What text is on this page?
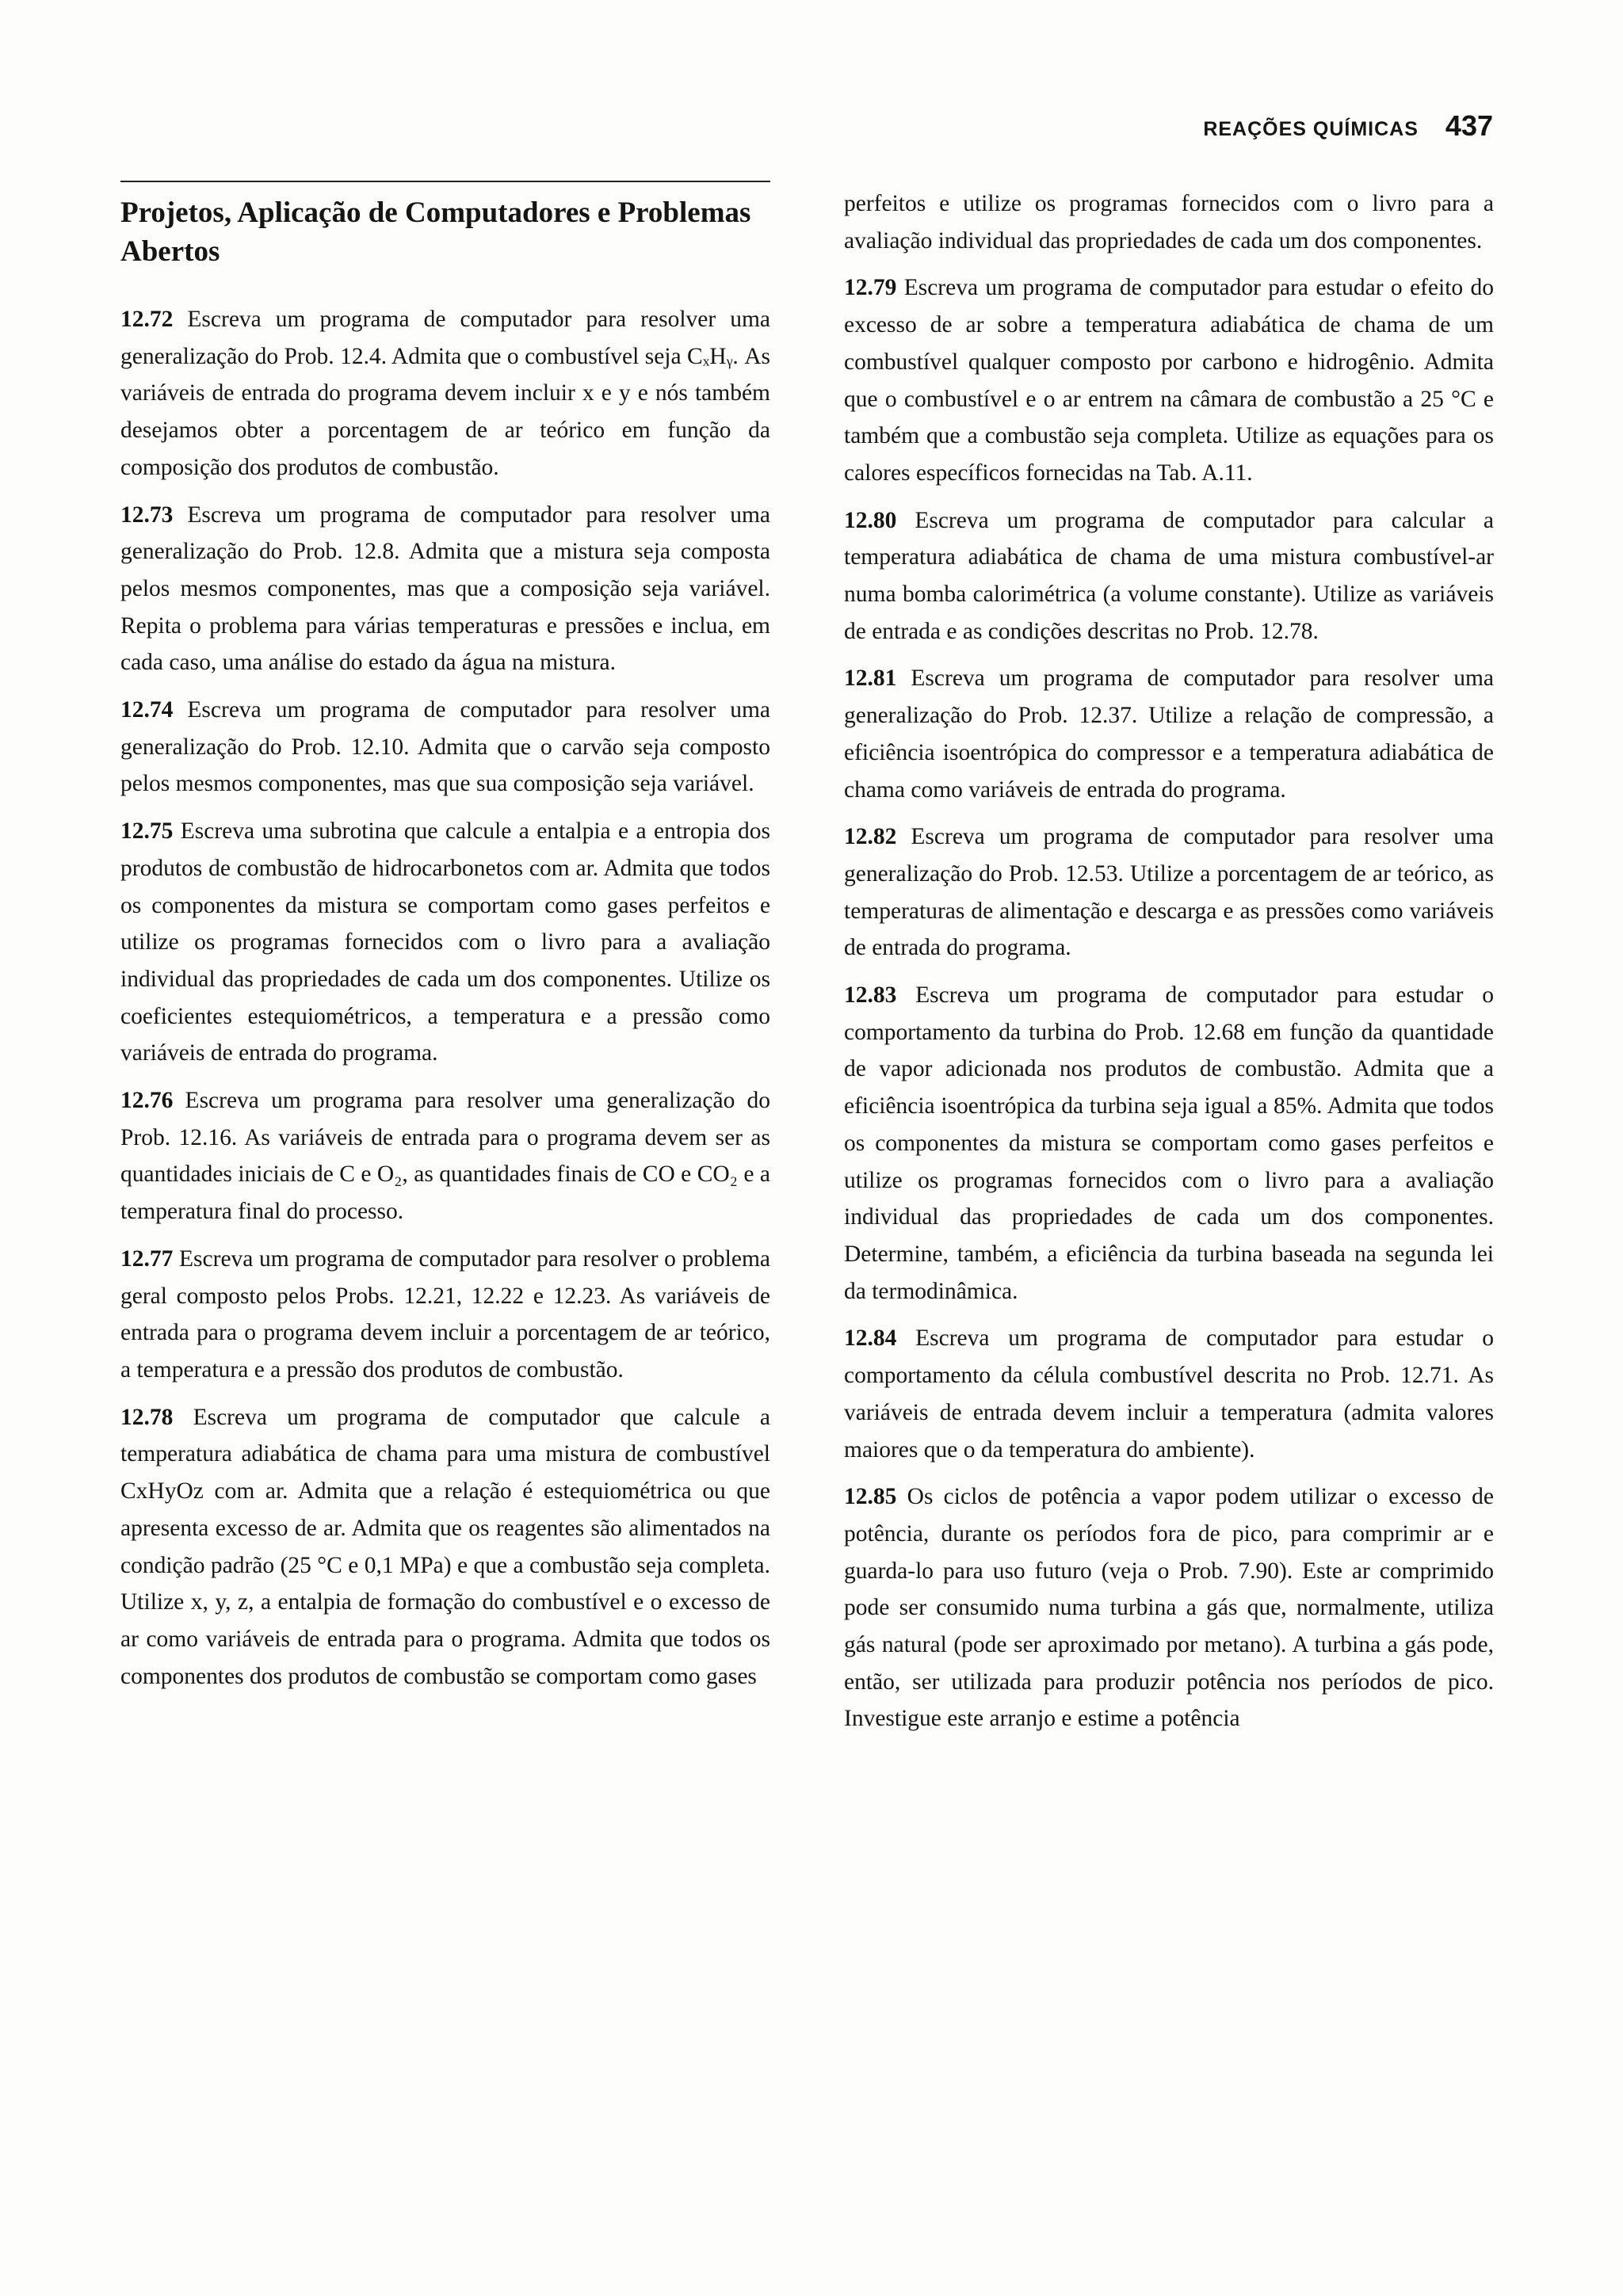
REAÇÕES QUÍMICAS 437
Projetos, Aplicação de Computadores e Problemas Abertos

12.72 Escreva um programa de computador para resolver uma generalização do Prob. 12.4. Admita que o combustível seja CₓHᵧ. As variáveis de entrada do programa devem incluir x e y e nós também desejamos obter a porcentagem de ar teórico em função da composição dos produtos de combustão.

12.73 Escreva um programa de computador para resolver uma generalização do Prob. 12.8. Admita que a mistura seja composta pelos mesmos componentes, mas que a composição seja variável. Repita o problema para várias temperaturas e pressões e inclua, em cada caso, uma análise do estado da água na mistura.

12.74 Escreva um programa de computador para resolver uma generalização do Prob. 12.10. Admita que o carvão seja composto pelos mesmos componentes, mas que sua composição seja variável.

12.75 Escreva uma subrotina que calcule a entalpia e a entropia dos produtos de combustão de hidrocarbonetos com ar. Admita que todos os componentes da mistura se comportam como gases perfeitos e utilize os programas fornecidos com o livro para a avaliação individual das propriedades de cada um dos componentes. Utilize os coeficientes estequiométricos, a temperatura e a pressão como variáveis de entrada do programa.

12.76 Escreva um programa para resolver uma generalização do Prob. 12.16. As variáveis de entrada para o programa devem ser as quantidades iniciais de C e O₂, as quantidades finais de CO e CO₂ e a temperatura final do processo.

12.77 Escreva um programa de computador para resolver o problema geral composto pelos Probs. 12.21, 12.22 e 12.23. As variáveis de entrada para o programa devem incluir a porcentagem de ar teórico, a temperatura e a pressão dos produtos de combustão.

12.78 Escreva um programa de computador que calcule a temperatura adiabática de chama para uma mistura de combustível CxHyOz com ar. Admita que a relação é estequiométrica ou que apresenta excesso de ar. Admita que os reagentes são alimentados na condição padrão (25 °C e 0,1 MPa) e que a combustão seja completa. Utilize x, y, z, a entalpia de formação do combustível e o excesso de ar como variáveis de entrada para o programa. Admita que todos os componentes dos produtos de combustão se comportam como gases

perfeitos e utilize os programas fornecidos com o livro para a avaliação individual das propriedades de cada um dos componentes.

12.79 Escreva um programa de computador para estudar o efeito do excesso de ar sobre a temperatura adiabática de chama de um combustível qualquer composto por carbono e hidrogênio. Admita que o combustível e o ar entrem na câmara de combustão a 25 °C e também que a combustão seja completa. Utilize as equações para os calores específicos fornecidas na Tab. A.11.

12.80 Escreva um programa de computador para calcular a temperatura adiabática de chama de uma mistura combustível-ar numa bomba calorimétrica (a volume constante). Utilize as variáveis de entrada e as condições descritas no Prob. 12.78.

12.81 Escreva um programa de computador para resolver uma generalização do Prob. 12.37. Utilize a relação de compressão, a eficiência isoentrópica do compressor e a temperatura adiabática de chama como variáveis de entrada do programa.

12.82 Escreva um programa de computador para resolver uma generalização do Prob. 12.53. Utilize a porcentagem de ar teórico, as temperaturas de alimentação e descarga e as pressões como variáveis de entrada do programa.

12.83 Escreva um programa de computador para estudar o comportamento da turbina do Prob. 12.68 em função da quantidade de vapor adicionada nos produtos de combustão. Admita que a eficiência isoentrópica da turbina seja igual a 85%. Admita que todos os componentes da mistura se comportam como gases perfeitos e utilize os programas fornecidos com o livro para a avaliação individual das propriedades de cada um dos componentes. Determine, também, a eficiência da turbina baseada na segunda lei da termodinâmica.

12.84 Escreva um programa de computador para estudar o comportamento da célula combustível descrita no Prob. 12.71. As variáveis de entrada devem incluir a temperatura (admita valores maiores que o da temperatura do ambiente).

12.85 Os ciclos de potência a vapor podem utilizar o excesso de potência, durante os períodos fora de pico, para comprimir ar e guarda-lo para uso futuro (veja o Prob. 7.90). Este ar comprimido pode ser consumido numa turbina a gás que, normalmente, utiliza gás natural (pode ser aproximado por metano). A turbina a gás pode, então, ser utilizada para produzir potência nos períodos de pico. Investigue este arranjo e estime a potência
